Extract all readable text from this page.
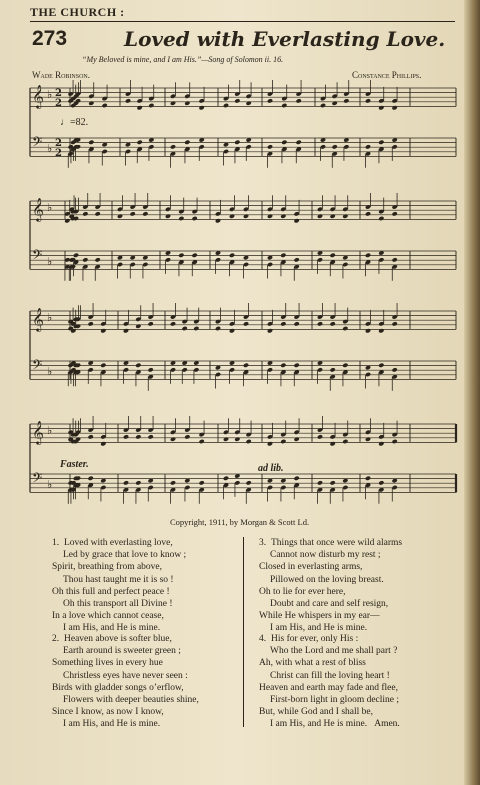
THE CHURCH :
273	Loved with Everlasting Love.
“My Beloved is mine, and I am His.”—Song of Solomon ii. 16.
Wade Robinson.	Constance Phillips.
𝄞 ♭ 2
2
𝄢 ♭ 2
2
𝄞 ♭
𝄢 ♭
𝄞 ♭
𝄢 ♭
𝄞 ♭
𝄢 ♭
♩=82.
Faster.	ad lib.
Copyright, 1911, by Morgan & Scott Ld.
1. Loved with everlasting love,
Led by grace that love to know ;
Spirit, breathing from above,
Thou hast taught me it is so !
Oh this full and perfect peace !
Oh this transport all Divine !
In a love which cannot cease,
I am His, and He is mine.
2. Heaven above is softer blue,
Earth around is sweeter green ;
Something lives in every hue
Christless eyes have never seen :
Birds with gladder songs o’erflow,
Flowers with deeper beauties shine,
Since I know, as now I know,
I am His, and He is mine.
3. Things that once were wild alarms
Cannot now disturb my rest ;
Closed in everlasting arms,
Pillowed on the loving breast.
Oh to lie for ever here,
Doubt and care and self resign,
While He whispers in my ear—
I am His, and He is mine.
4. His for ever, only His :
Who the Lord and me shall part ?
Ah, with what a rest of bliss
Christ can fill the loving heart !
Heaven and earth may fade and flee,
First-born light in gloom decline ;
But, while God and I shall be,
I am His, and He is mine. Amen.
